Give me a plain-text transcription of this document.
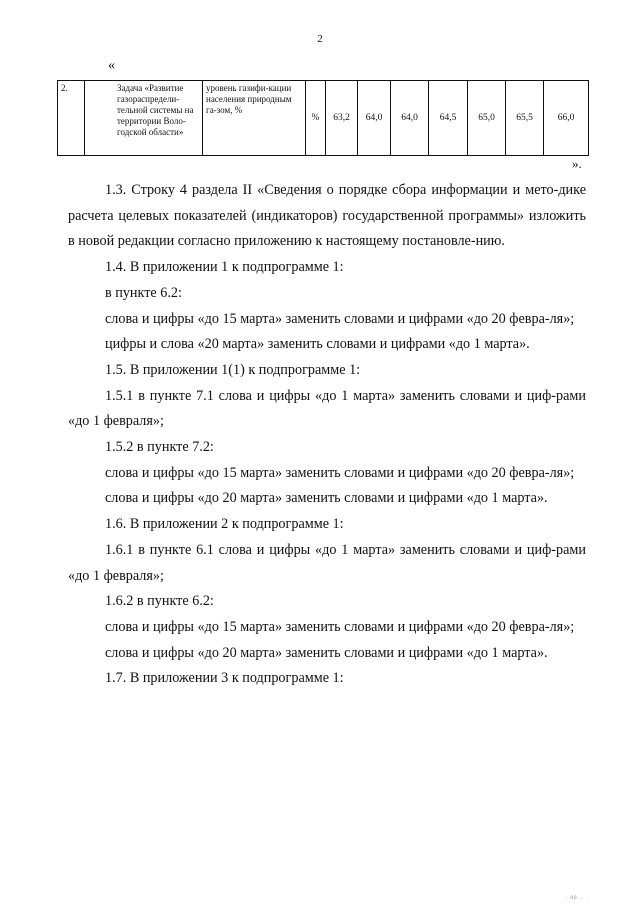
2
«
2.	Задача «Развитие газораспредели-тельной системы на территории Воло-годской области»	уровень газифи-кации населения природным га-зом, %	%	63,2	64,0	64,0	64,5	65,0	65,5	66,0
».

1.3. Строку 4 раздела II «Сведения о порядке сбора информации и мето-дике расчета целевых показателей (индикаторов) государственной программы» изложить в новой редакции согласно приложению к настоящему постановле-нию.

1.4. В приложении 1 к подпрограмме 1:

в пункте 6.2:

слова и цифры «до 15 марта» заменить словами и цифрами «до 20 февра-ля»;

цифры и слова «20 марта» заменить словами и цифрами «до 1 марта».

1.5. В приложении 1(1) к подпрограмме 1:

1.5.1 в пункте 7.1 слова и цифры «до 1 марта» заменить словами и циф-рами «до 1 февраля»;

1.5.2 в пункте 7.2:

слова и цифры «до 15 марта» заменить словами и цифрами «до 20 февра-ля»;

слова и цифры «до 20 марта» заменить словами и цифрами «до 1 марта».

1.6. В приложении 2 к подпрограмме 1:

1.6.1 в пункте 6.1 слова и цифры «до 1 марта» заменить словами и циф-рами «до 1 февраля»;

1.6.2 в пункте 6.2:

слова и цифры «до 15 марта» заменить словами и цифрами «до 20 февра-ля»;

слова и цифры «до 20 марта» заменить словами и цифрами «до 1 марта».

1.7. В приложении 3 к подпрограмме 1:

. 00 .. .
